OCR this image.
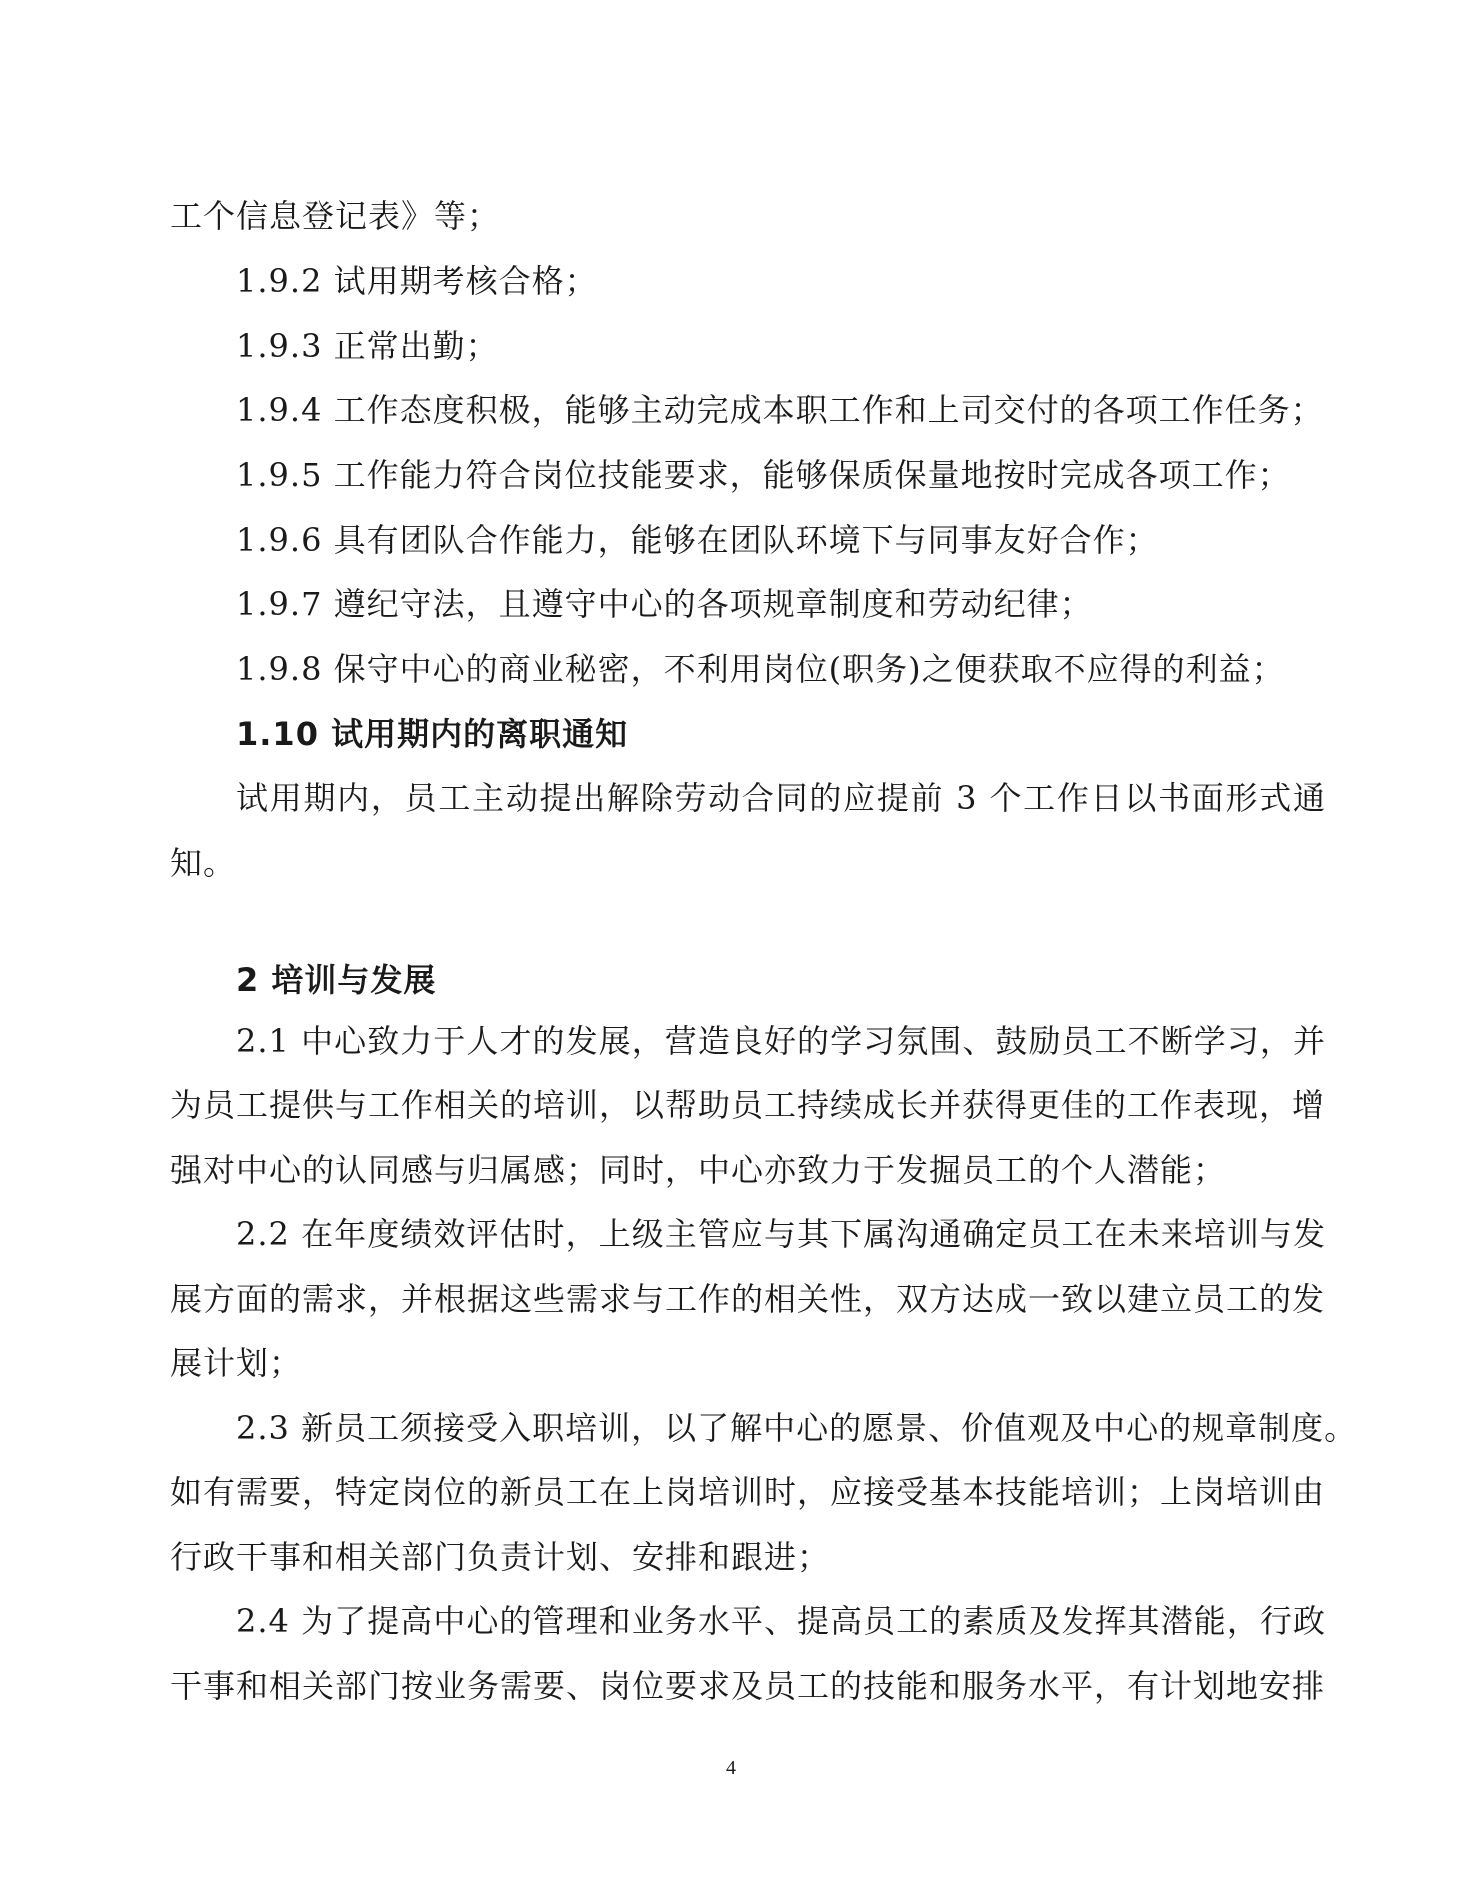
工个信息登记表》等；
1.9.2 试用期考核合格；
1.9.3 正常出勤；
1.9.4 工作态度积极，能够主动完成本职工作和上司交付的各项工作任务；
1.9.5 工作能力符合岗位技能要求，能够保质保量地按时完成各项工作；
1.9.6 具有团队合作能力，能够在团队环境下与同事友好合作；
1.9.7 遵纪守法，且遵守中心的各项规章制度和劳动纪律；
1.9.8 保守中心的商业秘密，不利用岗位(职务)之便获取不应得的利益；
1.10 试用期内的离职通知
试用期内，员工主动提出解除劳动合同的应提前 3 个工作日以书面形式通
知。
2 培训与发展
2.1 中心致力于人才的发展，营造良好的学习氛围、鼓励员工不断学习，并
为员工提供与工作相关的培训，以帮助员工持续成长并获得更佳的工作表现，增
强对中心的认同感与归属感；同时，中心亦致力于发掘员工的个人潜能；
2.2 在年度绩效评估时，上级主管应与其下属沟通确定员工在未来培训与发
展方面的需求，并根据这些需求与工作的相关性，双方达成一致以建立员工的发
展计划；
2.3 新员工须接受入职培训，以了解中心的愿景、价值观及中心的规章制度。
如有需要，特定岗位的新员工在上岗培训时，应接受基本技能培训；上岗培训由
行政干事和相关部门负责计划、安排和跟进；
2.4 为了提高中心的管理和业务水平、提高员工的素质及发挥其潜能，行政
干事和相关部门按业务需要、岗位要求及员工的技能和服务水平，有计划地安排
4
